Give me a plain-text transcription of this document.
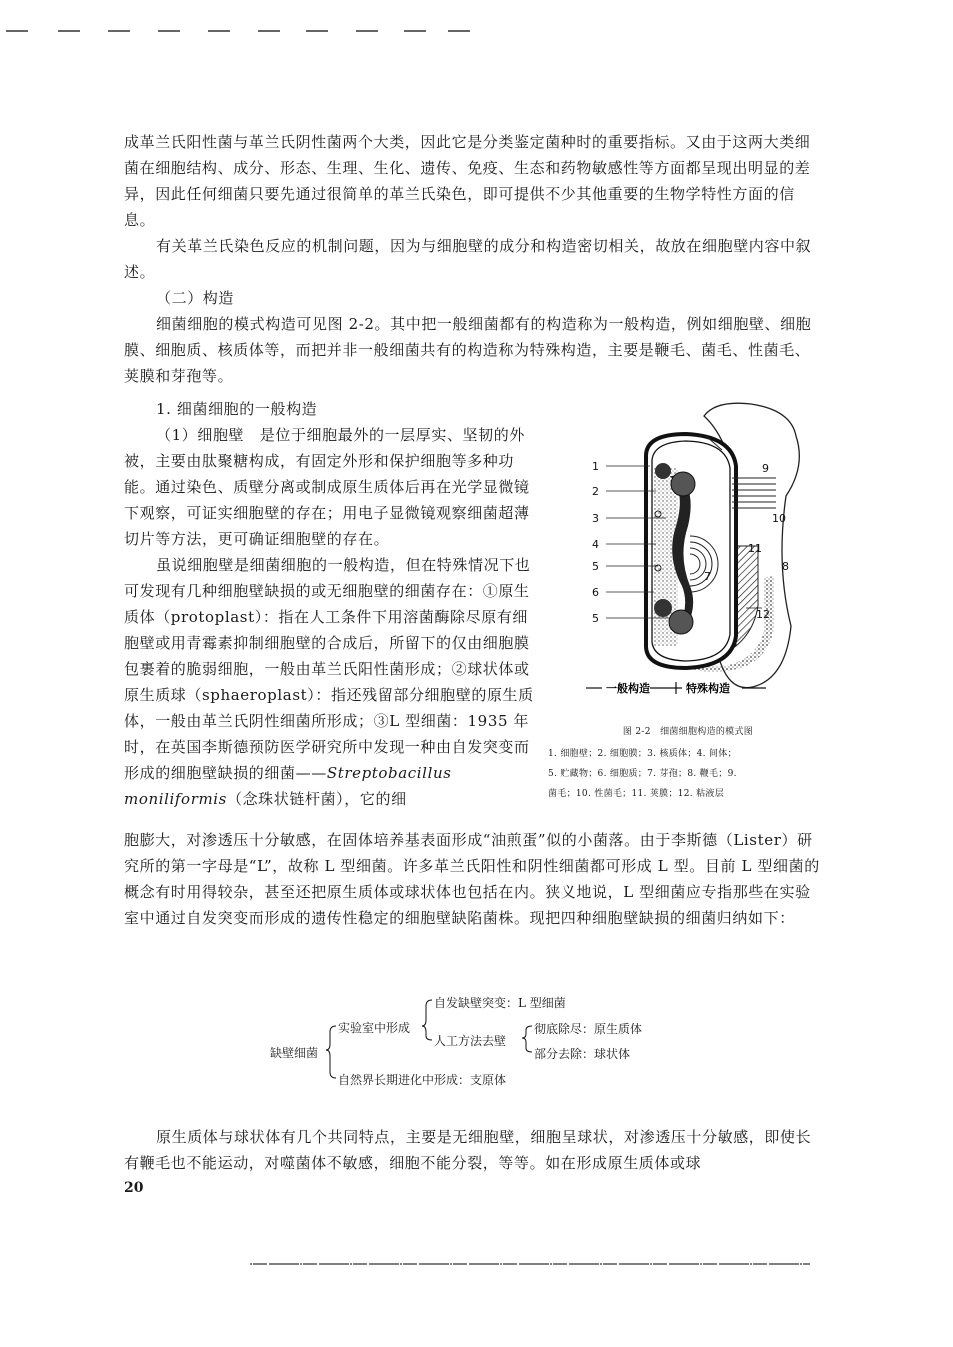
成革兰氏阳性菌与革兰氏阴性菌两个大类，因此它是分类鉴定菌种时的重要指标。又由于这两大类细菌在细胞结构、成分、形态、生理、生化、遗传、免疫、生态和药物敏感性等方面都呈现出明显的差异，因此任何细菌只要先通过很简单的革兰氏染色，即可提供不少其他重要的生物学特性方面的信息。

有关革兰氏染色反应的机制问题，因为与细胞壁的成分和构造密切相关，故放在细胞壁内容中叙述。

（二）构造

细菌细胞的模式构造可见图 2-2。其中把一般细菌都有的构造称为一般构造，例如细胞壁、细胞膜、细胞质、核质体等，而把并非一般细菌共有的构造称为特殊构造，主要是鞭毛、菌毛、性菌毛、荚膜和芽孢等。

1. 细菌细胞的一般构造

（1）细胞壁　是位于细胞最外的一层厚实、坚韧的外被，主要由肽聚糖构成，有固定外形和保护细胞等多种功能。通过染色、质壁分离或制成原生质体后再在光学显微镜下观察，可证实细胞壁的存在；用电子显微镜观察细菌超薄切片等方法，更可确证细胞壁的存在。

虽说细胞壁是细菌细胞的一般构造，但在特殊情况下也可发现有几种细胞壁缺损的或无细胞壁的细菌存在：①原生质体（protoplast）：指在人工条件下用溶菌酶除尽原有细胞壁或用青霉素抑制细胞壁的合成后，所留下的仅由细胞膜包裹着的脆弱细胞，一般由革兰氏阳性菌形成；②球状体或原生质球（sphaeroplast）：指还残留部分细胞壁的原生质体，一般由革兰氏阴性细菌所形成；③L 型细菌：1935 年时，在英国李斯德预防医学研究所中发现一种由自发突变而形成的细胞壁缺损的细菌——Streptobacillus moniliformis（念珠状链杆菌），它的细

1
2
3
4
5
6
5
7
9
10
11
8
12
一般构造	特殊构造
图 2-2　细菌细胞构造的模式图
1. 细胞壁；2. 细胞膜；3. 核质体；4. 间体；
5. 贮藏物；6. 细胞质；7. 芽孢；8. 鞭毛；9.
菌毛；10. 性菌毛；11. 荚膜；12. 粘液层

胞膨大，对渗透压十分敏感，在固体培养基表面形成“油煎蛋”似的小菌落。由于李斯德（Lister）研究所的第一字母是“L”，故称 L 型细菌。许多革兰氏阳性和阴性细菌都可形成 L 型。目前 L 型细菌的概念有时用得较杂，甚至还把原生质体或球状体也包括在内。狭义地说，L 型细菌应专指那些在实验室中通过自发突变而形成的遗传性稳定的细胞壁缺陷菌株。现把四种细胞壁缺损的细菌归纳如下：

缺壁细菌
实验室中形成
自发缺壁突变：L 型细菌
人工方法去壁
彻底除尽：原生质体
部分去除：球状体
自然界长期进化中形成：支原体

原生质体与球状体有几个共同特点，主要是无细胞壁，细胞呈球状，对渗透压十分敏感，即使长有鞭毛也不能运动，对噬菌体不敏感，细胞不能分裂，等等。如在形成原生质体或球

20
